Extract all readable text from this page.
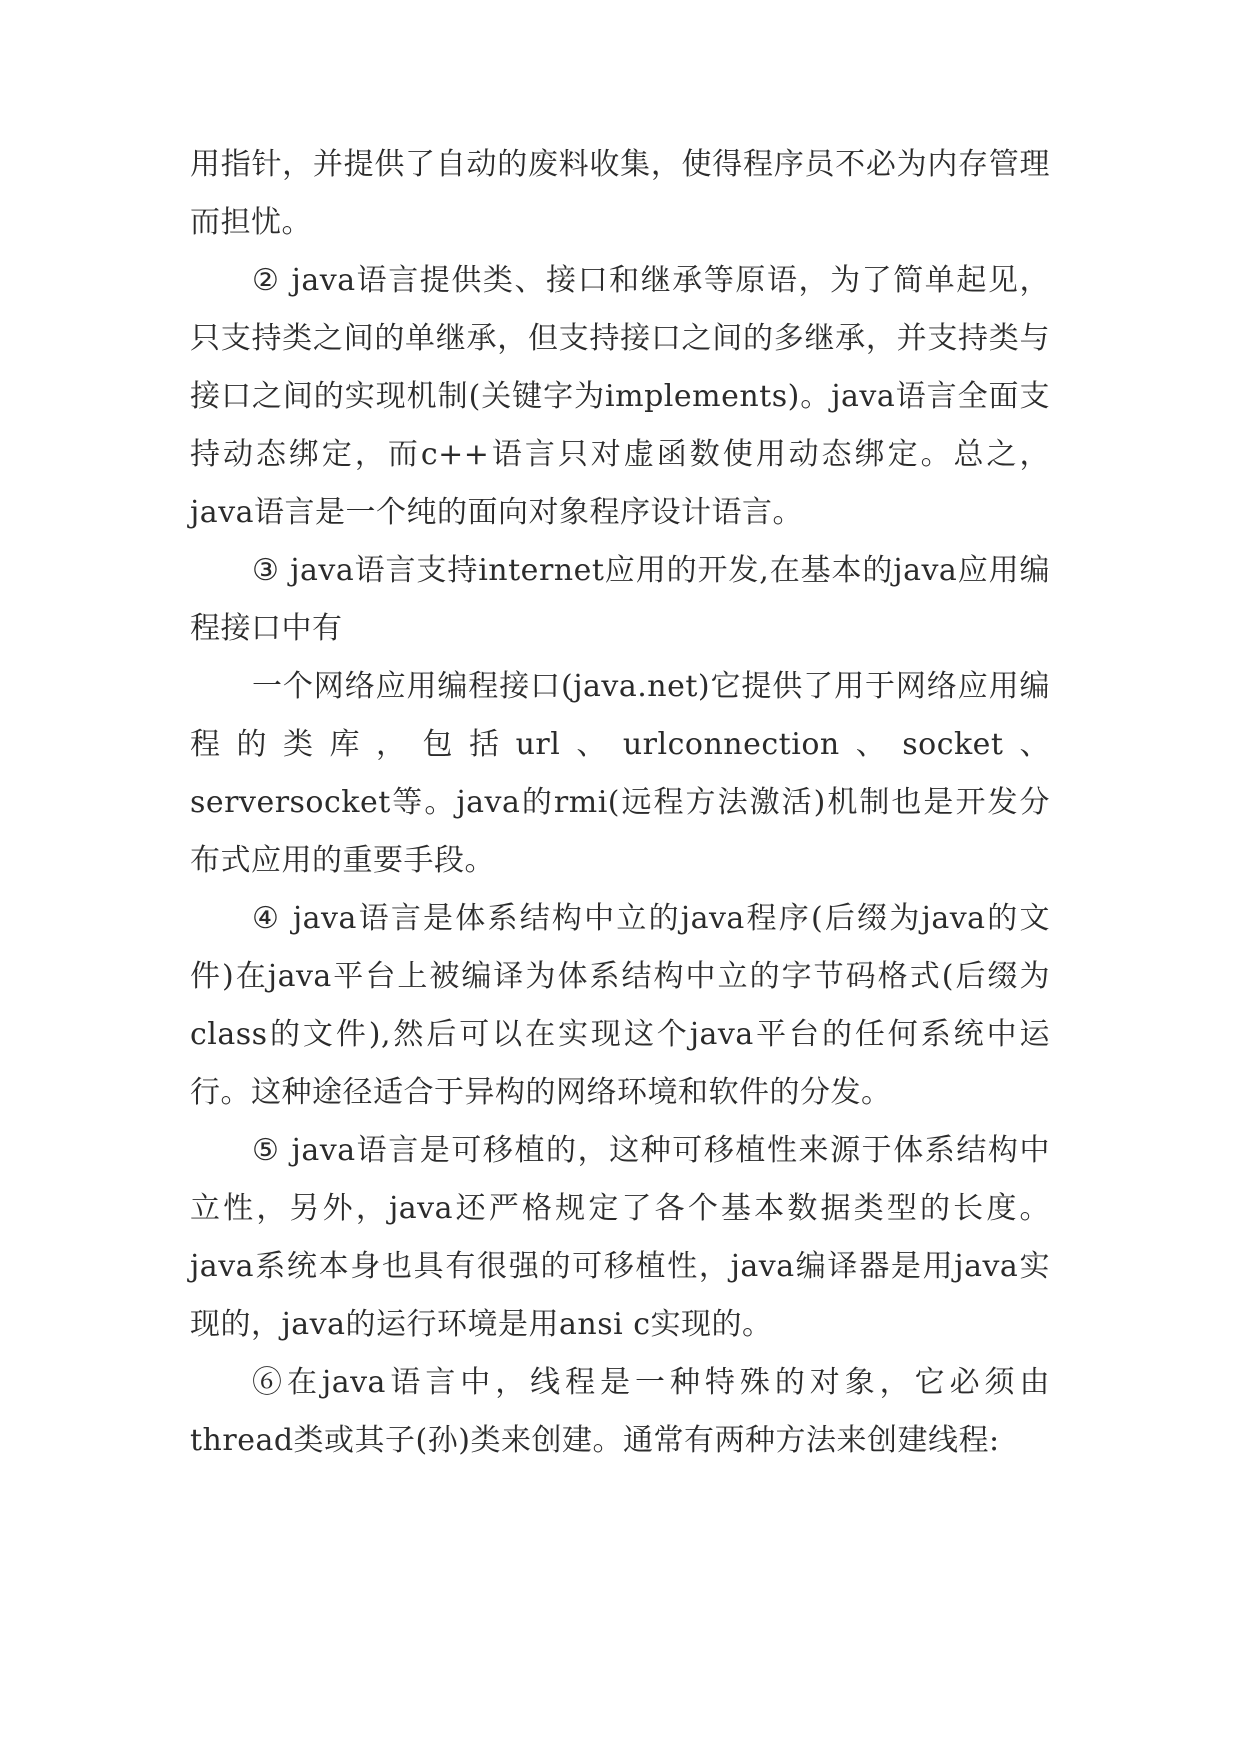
用指针，并提供了自动的废料收集，使得程序员不必为内存管理而担忧。

② java语言提供类、接口和继承等原语，为了简单起见，只支持类之间的单继承，但支持接口之间的多继承，并支持类与接口之间的实现机制(关键字为implements)。java语言全面支持动态绑定，而c++语言只对虚函数使用动态绑定。总之，java语言是一个纯的面向对象程序设计语言。

③ java语言支持internet应用的开发,在基本的java应用编程接口中有

一个网络应用编程接口(java.net)它提供了用于网络应用编程的类库，包括url、urlconnection、socket、serversocket等。java的rmi(远程方法激活)机制也是开发分布式应用的重要手段。

④ java语言是体系结构中立的java程序(后缀为java的文件)在java平台上被编译为体系结构中立的字节码格式(后缀为class的文件),然后可以在实现这个java平台的任何系统中运行。这种途径适合于异构的网络环境和软件的分发。

⑤ java语言是可移植的，这种可移植性来源于体系结构中立性，另外，java还严格规定了各个基本数据类型的长度。java系统本身也具有很强的可移植性，java编译器是用java实现的，java的运行环境是用ansi c实现的。

⑥在java语言中，线程是一种特殊的对象，它必须由thread类或其子(孙)类来创建。通常有两种方法来创建线程:
